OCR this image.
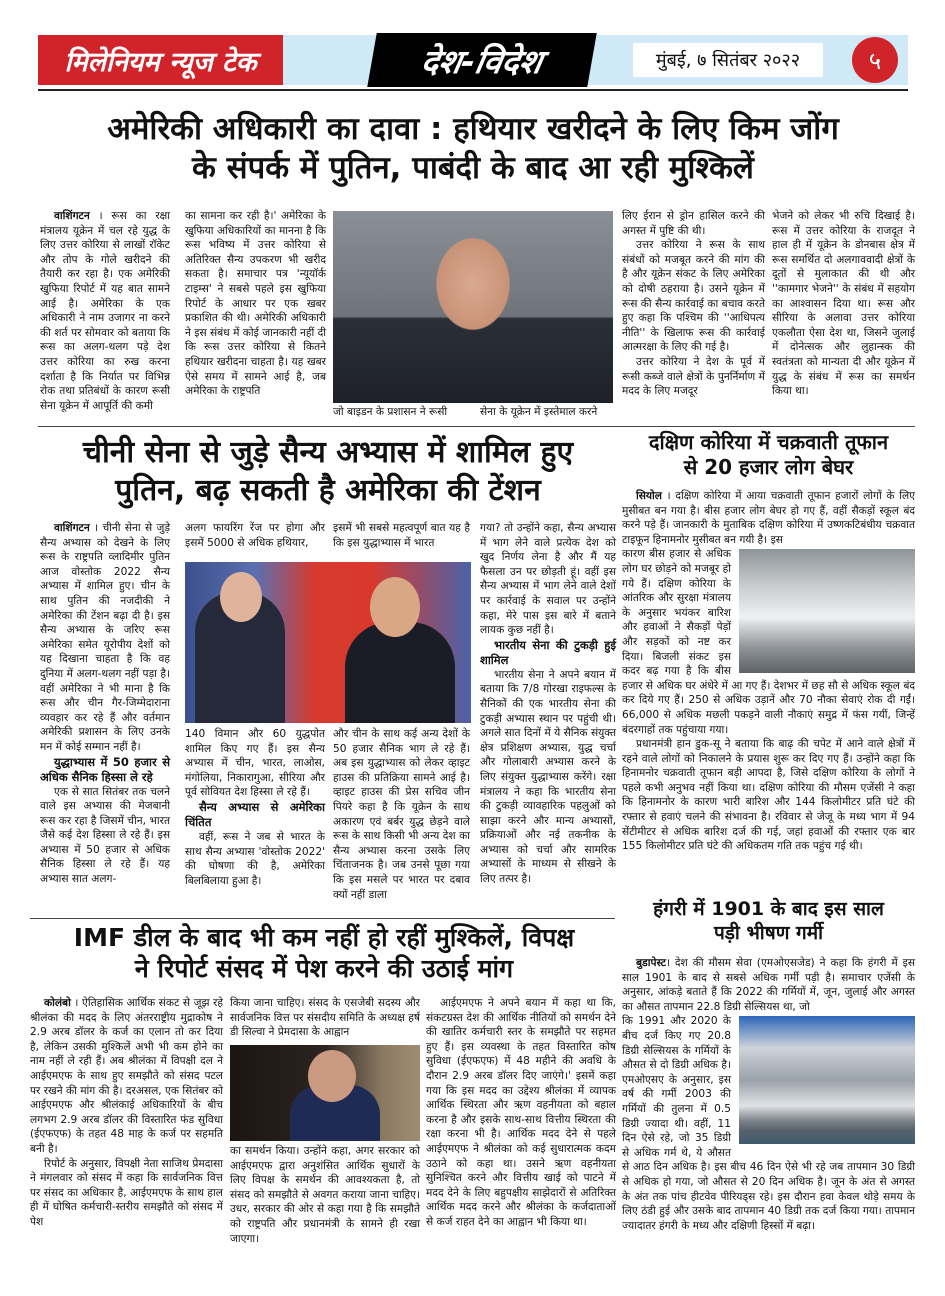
मिलेनियम न्यूज टेक	देश-विदेश	मुंबई, ७ सितंबर २०२२	५
अमेरिकी अधिकारी का दावा : हथियार खरीदने के लिए किम जोंग
के संपर्क में पुतिन, पाबंदी के बाद आ रही मुश्किलें

वाशिंगटन । रूस का रक्षा मंत्रालय यूक्रेन में चल रहे युद्ध के लिए उत्तर कोरिया से लाखों रॉकेट और तोप के गोले खरीदने की तैयारी कर रहा है। एक अमेरिकी खुफिया रिपोर्ट में यह बात सामने आई है। अमेरिका के एक अधिकारी ने नाम उजागर ना करने की शर्त पर सोमवार को बताया कि रूस का अलग-थलग पड़े देश उत्तर कोरिया का रुख करना दर्शाता है कि निर्यात पर विभिन्न रोक तथा प्रतिबंधों के कारण रूसी सेना यूक्रेन में आपूर्ति की कमी

का सामना कर रही है।' अमेरिका के खुफिया अधिकारियों का मानना है कि रूस भविष्य में उत्तर कोरिया से अतिरिक्त सैन्य उपकरण भी खरीद सकता है। समाचार पत्र 'न्यूयॉर्क टाइम्स' ने सबसे पहले इस खुफिया रिपोर्ट के आधार पर एक खबर प्रकाशित की थी। अमेरिकी अधिकारी ने इस संबंध में कोई जानकारी नहीं दी कि रूस उत्तर कोरिया से कितने हथियार खरीदना चाहता है। यह खबर ऐसे समय में सामने आई है, जब अमेरिका के राष्ट्रपति

जो बाइडन के प्रशासन ने रूसी	सेना के यूक्रेन में इस्तेमाल करने

लिए ईरान से ड्रोन हासिल करने की अगस्त में पुष्टि की थी।

उत्तर कोरिया ने रूस के साथ संबंधों को मजबूत करने की मांग की है और यूक्रेन संकट के लिए अमेरिका को दोषी ठहराया है। उसने यूक्रेन में रूस की सैन्य कार्रवाई का बचाव करते हुए कहा कि पश्चिम की ''आधिपत्य नीति'' के खिलाफ रूस की कार्रवाई आत्मरक्षा के लिए की गई है।

उत्तर कोरिया ने देश के पूर्व में रूसी कब्जे वाले क्षेत्रों के पुनर्निर्माण में मदद के लिए मजदूर

भेजने को लेकर भी रुचि दिखाई है। रूस में उत्तर कोरिया के राजदूत ने हाल ही में यूक्रेन के डोनबास क्षेत्र में रूस समर्थित दो अलगाववादी क्षेत्रों के दूतों से मुलाकात की थी और ''कामगार भेजने'' के संबंध में सहयोग का आश्वासन दिया था। रूस और सीरिया के अलावा उत्तर कोरिया एकलौता ऐसा देश था, जिसने जुलाई में दोनेत्सक और लुहान्स्क की स्वतंत्रता को मान्यता दी और यूक्रेन में युद्ध के संबंध में रूस का समर्थन किया था।

चीनी सेना से जुड़े सैन्य अभ्यास में शामिल हुए
पुतिन, बढ़ सकती है अमेरिका की टेंशन

वाशिंगटन । चीनी सेना से जुड़े सैन्य अभ्यास को देखने के लिए रूस के राष्ट्रपति व्लादिमीर पुतिन आज वोस्तोक 2022 सैन्य अभ्यास में शामिल हुए। चीन के साथ पुतिन की नजदीकी ने अमेरिका की टेंशन बढ़ा दी है। इस सैन्य अभ्यास के जरिए रूस अमेरिका समेत यूरोपीय देशों को यह दिखाना चाहता है कि वह दुनिया में अलग-थलग नहीं पड़ा है। वहीं अमेरिका ने भी माना है कि रूस और चीन गैर-जिम्मेदाराना व्यवहार कर रहे हैं और वर्तमान अमेरिकी प्रशासन के लिए उनके मन में कोई सम्मान नहीं है।

युद्धाभ्यास में 50 हजार से अधिक सैनिक हिस्सा ले रहे

एक से सात सितंबर तक चलने वाले इस अभ्यास की मेजबानी रूस कर रहा है जिसमें चीन, भारत जैसे कई देश हिस्सा ले रहे हैं। इस अभ्यास में 50 हजार से अधिक सैनिक हिस्सा ले रहे हैं। यह अभ्यास सात अलग-

अलग फायरिंग रेंज पर होगा और इसमें 5000 से अधिक हथियार,

इसमें भी सबसे महत्वपूर्ण बात यह है कि इस युद्धाभ्यास में भारत

140 विमान और 60 युद्धपोत शामिल किए गए हैं। इस सैन्य अभ्यास में चीन, भारत, लाओस, मंगोलिया, निकारागुआ, सीरिया और पूर्व सोवियत देश हिस्सा ले रहे हैं।

सैन्य अभ्यास से अमेरिका चिंतित

वहीं, रूस ने जब से भारत के साथ सैन्य अभ्यास 'वोस्तोक 2022' की घोषणा की है, अमेरिका बिलबिलाया हुआ है।

और चीन के साथ कई अन्य देशों के 50 हजार सैनिक भाग ले रहे हैं। अब इस युद्धाभ्यास को लेकर व्हाइट हाउस की प्रतिक्रिया सामने आई है। व्हाइट हाउस की प्रेस सचिव जीन पियरे कहा है कि यूक्रेन के साथ अकारण एवं बर्बर युद्ध छेड़ने वाले रूस के साथ किसी भी अन्य देश का सैन्य अभ्यास करना उसके लिए चिंताजनक है। जब उनसे पूछा गया कि इस मसले पर भारत पर दबाव क्यों नहीं डाला

गया? तो उन्होंने कहा, सैन्य अभ्यास में भाग लेने वाले प्रत्येक देश को खुद निर्णय लेना है और मैं यह फैसला उन पर छोड़ती हूं। वहीं इस सैन्य अभ्यास में भाग लेने वाले देशों पर कार्रवाई के सवाल पर उन्होंने कहा, मेरे पास इस बारे में बताने लायक कुछ नहीं है।

भारतीय सेना की टुकड़ी हुई शामिल

भारतीय सेना ने अपने बयान में बताया कि 7/8 गोरखा राइफल्स के सैनिकों की एक भारतीय सेना की टुकड़ी अभ्यास स्थान पर पहुंची थी। अगले सात दिनों में ये सैनिक संयुक्त क्षेत्र प्रशिक्षण अभ्यास, युद्ध चर्चा और गोलाबारी अभ्यास करने के लिए संयुक्त युद्धाभ्यास करेंगे। रक्षा मंत्रालय ने कहा कि भारतीय सेना की टुकड़ी व्यावहारिक पहलुओं को साझा करने और मान्य अभ्यासों, प्रक्रियाओं और नई तकनीक के अभ्यास को चर्चा और सामरिक अभ्यासों के माध्यम से सीखने के लिए तत्पर है।

दक्षिण कोरिया में चक्रवाती तूफान
से 20 हजार लोग बेघर

सियोल । दक्षिण कोरिया में आया चक्रवाती तूफान हजारों लोगों के लिए मुसीबत बन गया है। बीस हजार लोग बेघर हो गए हैं, वहीं सैकड़ों स्कूल बंद करने पड़े हैं। जानकारी के मुताबिक दक्षिण कोरिया में उष्णकटिबंधीय चक्रवात टाइफून हिनामनोर मुसीबत बन गयी है। इस

कारण बीस हजार से अधिक लोग घर छोड़ने को मजबूर हो गये हैं। दक्षिण कोरिया के आंतरिक और सुरक्षा मंत्रालय के अनुसार भयंकर बारिश और हवाओं ने सैकड़ों पेड़ों और सड़कों को नष्ट कर दिया। बिजली संकट इस कदर बढ़ गया है कि बीस हजार से अधिक घर अंधेरे में आ गए हैं। देशभर में छह सौ से अधिक स्कूल बंद कर दिये गए हैं। 250 से अधिक उड़ानें और 70 नौका सेवाएं रोक दी गईं। 66,000 से अधिक मछली पकड़ने वाली नौकाएं समुद्र में फंस गयीं, जिन्हें बंदरगाहों तक पहुंचाया गया।

प्रधानमंत्री हान डुक-सू ने बताया कि बाढ़ की चपेट में आने वाले क्षेत्रों में रहने वाले लोगों को निकालने के प्रयास शुरू कर दिए गए हैं। उन्होंने कहा कि हिनामनोर चक्रवाती तूफान बड़ी आपदा है, जिसे दक्षिण कोरिया के लोगों ने पहले कभी अनुभव नहीं किया था। दक्षिण कोरिया की मौसम एजेंसी ने कहा कि हिनामनोर के कारण भारी बारिश और 144 किलोमीटर प्रति घंटे की रफ्तार से हवाएं चलने की संभावना है। रविवार से जेजू के मध्य भाग में 94 सेंटीमीटर से अधिक बारिश दर्ज की गई, जहां हवाओं की रफ्तार एक बार 155 किलोमीटर प्रति घंटे की अधिकतम गति तक पहुंच गई थी।

हंगरी में 1901 के बाद इस साल
पड़ी भीषण गर्मी

बुडापेस्ट। देश की मौसम सेवा (एमओएसजेड) ने कहा कि हंगरी में इस साल 1901 के बाद से सबसे अधिक गर्मी पड़ी है। समाचार एजेंसी के अनुसार, आंकड़े बताते हैं कि 2022 की गर्मियों में, जून, जुलाई और अगस्त का औसत तापमान 22.8 डिग्री सेल्सियस था, जो

कि 1991 और 2020 के बीच दर्ज किए गए 20.8 डिग्री सेल्सियस के गर्मियों के औसत से दो डिग्री अधिक है।एमओएसए के अनुसार, इस वर्ष की गर्मी 2003 की गर्मियों की तुलना में 0.5 डिग्री ज्यादा थी। वहीं, 11 दिन ऐसे रहे, जो 35 डिग्री से अधिक गर्म थे, ये औसत से आठ दिन अधिक है। इस बीच 46 दिन ऐसे भी रहे जब तापमान 30 डिग्री से अधिक हो गया, जो औसत से 20 दिन अधिक है। जून के अंत से अगस्त के अंत तक पांच हीटवेव पीरियड्स रहे। इस दौरान हवा केवल थोड़े समय के लिए ठंडी हुई और उसके बाद तापमान 40 डिग्री तक दर्ज किया गया। तापमान ज्यादातर हंगरी के मध्य और दक्षिणी हिस्सों में बढ़ा।

IMF डील के बाद भी कम नहीं हो रहीं मुश्किलें, विपक्ष
ने रिपोर्ट संसद में पेश करने की उठाई मांग

कोलंबो । ऐतिहासिक आर्थिक संकट से जूझ रहे श्रीलंका की मदद के लिए अंतरराष्ट्रीय मुद्राकोष ने 2.9 अरब डॉलर के कर्ज का एलान तो कर दिया है, लेकिन उसकी मुश्किलें अभी भी कम होने का नाम नहीं ले रही हैं। अब श्रीलंका में विपक्षी दल ने आईएमएफ के साथ हुए समझौते को संसद पटल पर रखने की मांग की है। दरअसल, एक सितंबर को आईएमएफ और श्रीलंकाई अधिकारियों के बीच लगभग 2.9 अरब डॉलर की विस्तारित फंड सुविधा (ईएफएफ) के तहत 48 माह के कर्ज पर सहमति बनी है।

रिपोर्ट के अनुसार, विपक्षी नेता साजिथ प्रेमदासा ने मंगलवार को संसद में कहा कि सार्वजनिक वित्त पर संसद का अधिकार है, आईएमएफ के साथ हाल ही में घोषित कर्मचारी-स्तरीय समझौते को संसद में पेश

किया जाना चाहिए। संसद के एसजेबी सदस्य और सार्वजनिक वित्त पर संसदीय समिति के अध्यक्ष हर्ष डी सिल्वा ने प्रेमदासा के आह्वान

का समर्थन किया। उन्होंने कहा, अगर सरकार को आईएमएफ द्वारा अनुशंसित आर्थिक सुधारों के लिए विपक्ष के समर्थन की आवश्यकता है, तो संसद को समझौते से अवगत कराया जाना चाहिए। उधर, सरकार की ओर से कहा गया है कि समझौते को राष्ट्रपति और प्रधानमंत्री के सामने ही रखा जाएगा।

आईएमएफ ने अपने बयान में कहा था कि, संकटग्रस्त देश की आर्थिक नीतियों को समर्थन देने की खातिर कर्मचारी स्तर के समझौते पर सहमत हुए हैं। इस व्यवस्था के तहत विस्तारित कोष सुविधा (ईएफएफ) में 48 महीने की अवधि के दौरान 2.9 अरब डॉलर दिए जाएंगे।' इसमें कहा गया कि इस मदद का उद्देश्य श्रीलंका में व्यापक आर्थिक स्थिरता और ऋण वहनीयता को बहाल करना है और इसके साथ-साथ वित्तीय स्थिरता की रक्षा करना भी है। आर्थिक मदद देने से पहले आईएमएफ ने श्रीलंका को कई सुधारात्मक कदम उठाने को कहा था। उसने ऋण वहनीयता सुनिश्चित करने और वित्तीय खाई को पाटने में मदद देने के लिए बहुपक्षीय साझेदारों से अतिरिक्त आर्थिक मदद करने और श्रीलंका के कर्जदाताओं से कर्ज राहत देने का आह्वान भी किया था।
